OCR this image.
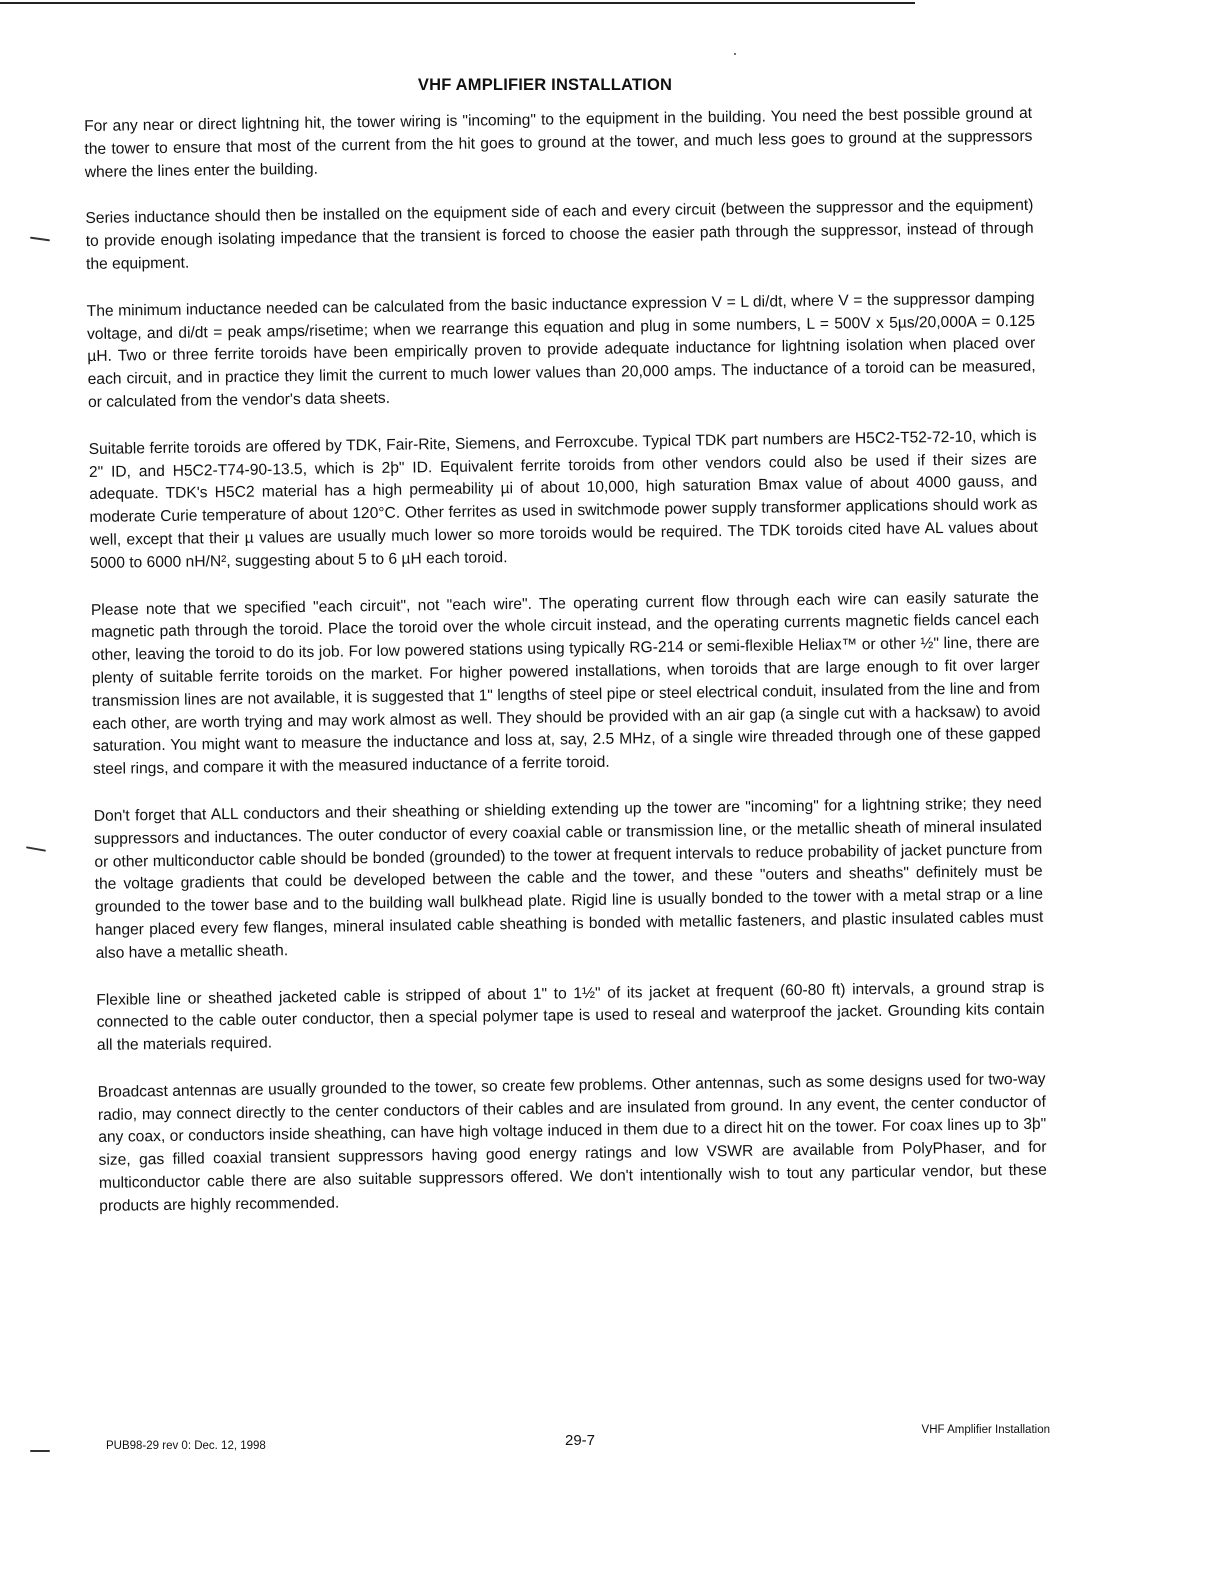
VHF AMPLIFIER INSTALLATION

For any near or direct lightning hit, the tower wiring is "incoming" to the equipment in the building. You need the best possible ground at the tower to ensure that most of the current from the hit goes to ground at the tower, and much less goes to ground at the suppressors where the lines enter the building.

Series inductance should then be installed on the equipment side of each and every circuit (between the suppressor and the equipment) to provide enough isolating impedance that the transient is forced to choose the easier path through the suppressor, instead of through the equipment.

The minimum inductance needed can be calculated from the basic inductance expression V = L di/dt, where V = the suppressor damping voltage, and di/dt = peak amps/risetime; when we rearrange this equation and plug in some numbers, L = 500V x 5µs/20,000A = 0.125 µH. Two or three ferrite toroids have been empirically proven to provide adequate inductance for lightning isolation when placed over each circuit, and in practice they limit the current to much lower values than 20,000 amps. The inductance of a toroid can be measured, or calculated from the vendor's data sheets.

Suitable ferrite toroids are offered by TDK, Fair-Rite, Siemens, and Ferroxcube. Typical TDK part numbers are H5C2-T52-72-10, which is 2" ID, and H5C2-T74-90-13.5, which is 2þ" ID. Equivalent ferrite toroids from other vendors could also be used if their sizes are adequate. TDK's H5C2 material has a high permeability µi of about 10,000, high saturation Bmax value of about 4000 gauss, and moderate Curie temperature of about 120°C. Other ferrites as used in switchmode power supply transformer applications should work as well, except that their µ values are usually much lower so more toroids would be required. The TDK toroids cited have AL values about 5000 to 6000 nH/N², suggesting about 5 to 6 µH each toroid.

Please note that we specified "each circuit", not "each wire". The operating current flow through each wire can easily saturate the magnetic path through the toroid. Place the toroid over the whole circuit instead, and the operating currents magnetic fields cancel each other, leaving the toroid to do its job. For low powered stations using typically RG-214 or semi-flexible Heliax™ or other ½" line, there are plenty of suitable ferrite toroids on the market. For higher powered installations, when toroids that are large enough to fit over larger transmission lines are not available, it is suggested that 1" lengths of steel pipe or steel electrical conduit, insulated from the line and from each other, are worth trying and may work almost as well. They should be provided with an air gap (a single cut with a hacksaw) to avoid saturation. You might want to measure the inductance and loss at, say, 2.5 MHz, of a single wire threaded through one of these gapped steel rings, and compare it with the measured inductance of a ferrite toroid.

Don't forget that ALL conductors and their sheathing or shielding extending up the tower are "incoming" for a lightning strike; they need suppressors and inductances. The outer conductor of every coaxial cable or transmission line, or the metallic sheath of mineral insulated or other multiconductor cable should be bonded (grounded) to the tower at frequent intervals to reduce probability of jacket puncture from the voltage gradients that could be developed between the cable and the tower, and these "outers and sheaths" definitely must be grounded to the tower base and to the building wall bulkhead plate. Rigid line is usually bonded to the tower with a metal strap or a line hanger placed every few flanges, mineral insulated cable sheathing is bonded with metallic fasteners, and plastic insulated cables must also have a metallic sheath.

Flexible line or sheathed jacketed cable is stripped of about 1" to 1½" of its jacket at frequent (60-80 ft) intervals, a ground strap is connected to the cable outer conductor, then a special polymer tape is used to reseal and waterproof the jacket. Grounding kits contain all the materials required.

Broadcast antennas are usually grounded to the tower, so create few problems. Other antennas, such as some designs used for two-way radio, may connect directly to the center conductors of their cables and are insulated from ground. In any event, the center conductor of any coax, or conductors inside sheathing, can have high voltage induced in them due to a direct hit on the tower. For coax lines up to 3þ" size, gas filled coaxial transient suppressors having good energy ratings and low VSWR are available from PolyPhaser, and for multiconductor cable there are also suitable suppressors offered. We don't intentionally wish to tout any particular vendor, but these products are highly recommended.

PUB98-29 rev 0: Dec. 12, 1998	29-7
VHF Amplifier Installation
